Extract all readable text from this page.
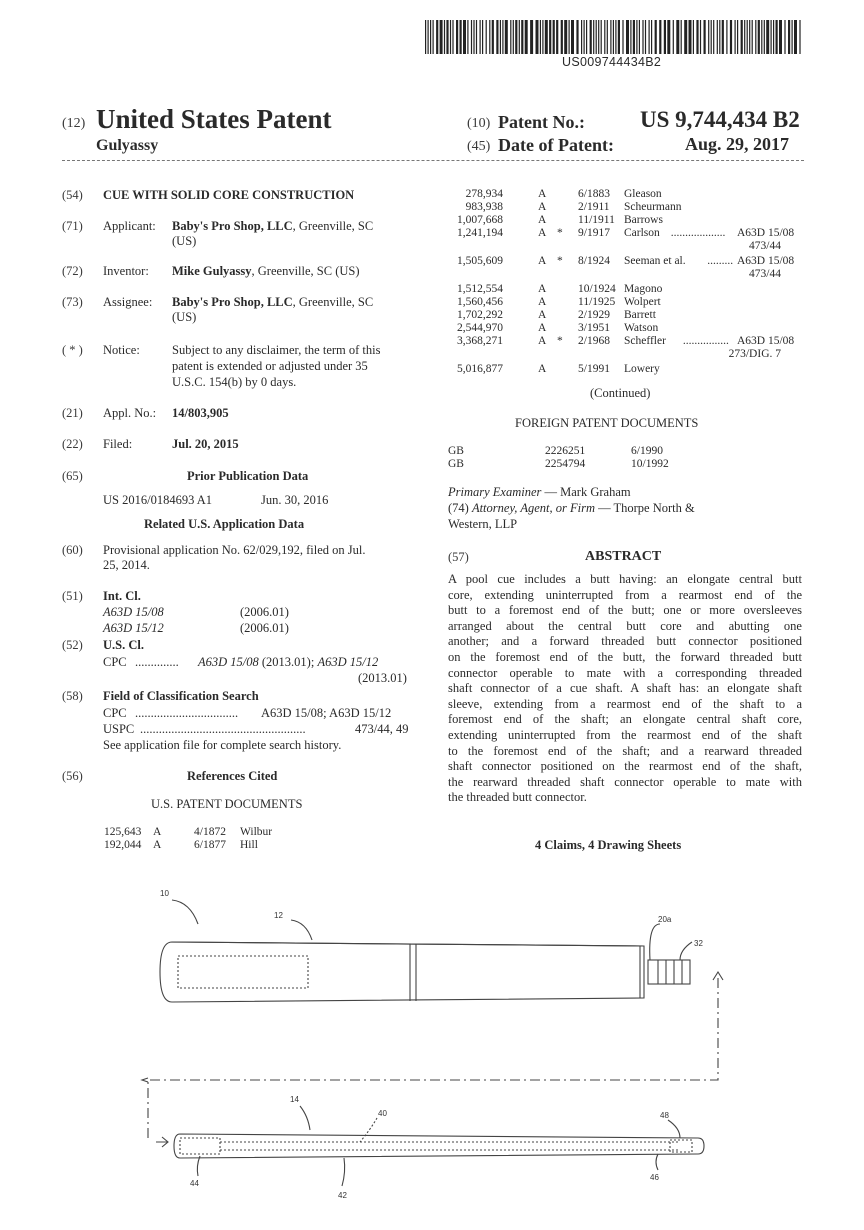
US009744434B2
(12) United States Patent
Gulyassy
(10) Patent No.: US 9,744,434 B2
(45) Date of Patent:	Aug. 29, 2017
(54) CUE WITH SOLID CORE CONSTRUCTION
(71) Applicant: Baby's Pro Shop, LLC, Greenville, SC
(US)
(72) Inventor: Mike Gulyassy, Greenville, SC (US)
(73) Assignee: Baby's Pro Shop, LLC, Greenville, SC
(US)
( * ) Notice:	Subject to any disclaimer, the term of this
patent is extended or adjusted under 35
U.S.C. 154(b) by 0 days.
(21) Appl. No.: 14/803,905
(22) Filed:	Jul. 20, 2015
(65)	Prior Publication Data
US 2016/0184693 A1	Jun. 30, 2016
Related U.S. Application Data
(60) Provisional application No. 62/029,192, filed on Jul.
25, 2014.
(51) Int. Cl.
A63D 15/08	(2006.01)
A63D 15/12	(2006.01)
(52) U.S. Cl.
CPC .............. A63D 15/08 (2013.01); A63D 15/12
(2013.01)
(58) Field of Classification Search
CPC ................................. A63D 15/08; A63D 15/12
USPC .....................................................	473/44, 49
See application file for complete search history.
(56)	References Cited
U.S. PATENT DOCUMENTS
125,643 A	4/1872 Wilbur
192,044 A	6/1877 Hill
278,934	A	6/1883 Gleason
983,938	A	2/1911 Scheurmann
1,007,668	A	11/1911 Barrows
1,241,194	A * 9/1917 Carlson ................... A63D 15/08
473/44
1,505,609	A * 8/1924 Seeman et al. ......... A63D 15/08
473/44
1,512,554	A	10/1924 Magono
1,560,456	A	11/1925 Wolpert
1,702,292	A	2/1929 Barrett
2,544,970	A	3/1951 Watson
3,368,271	A * 2/1968 Scheffler ................ A63D 15/08
273/DIG. 7
5,016,877	A	5/1991 Lowery
(Continued)
FOREIGN PATENT DOCUMENTS
GB	2226251	6/1990
GB	2254794	10/1992
Primary Examiner — Mark Graham
(74) Attorney, Agent, or Firm — Thorpe North &
Western, LLP
(57)	ABSTRACT
A pool cue includes a butt having: an elongate central butt
core, extending uninterrupted from a rearmost end of the
butt to a foremost end of the butt; one or more oversleeves
arranged about the central butt core and abutting one
another; and a forward threaded butt connector positioned
on the foremost end of the butt, the forward threaded butt
connector operable to mate with a corresponding threaded
shaft connector of a cue shaft. A shaft has: an elongate shaft
sleeve, extending from a rearmost end of the shaft to a
foremost end of the shaft; an elongate central shaft core,
extending uninterrupted from the rearmost end of the shaft
to the foremost end of the shaft; and a rearward threaded
shaft connector positioned on the rearmost end of the shaft,
the rearward threaded shaft connector operable to mate with
the threaded butt connector.
4 Claims, 4 Drawing Sheets
10
12	20a
32
14
40	48
44
46
42
